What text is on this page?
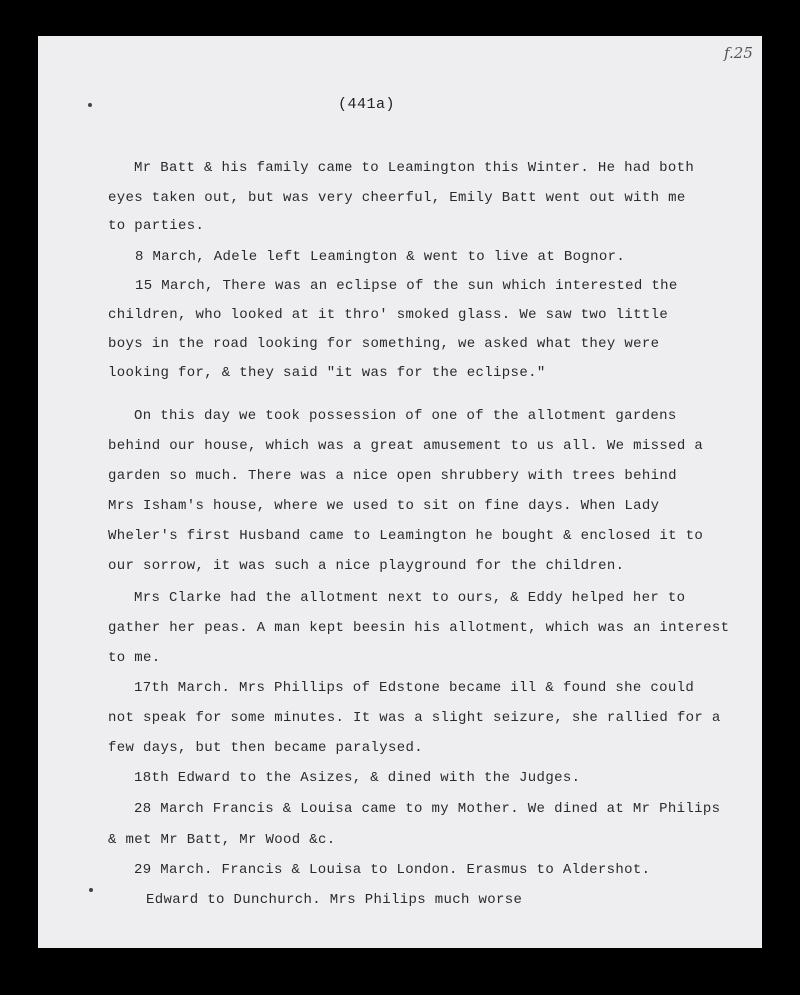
f.25
(441a)
Mr Batt & his family came to Leamington this Winter. He had both
eyes taken out, but was very cheerful, Emily Batt went out with me
to parties.
8 March, Adele left Leamington & went to live at Bognor.
15 March, There was an eclipse of the sun which interested the
children, who looked at it thro' smoked glass. We saw two little
boys in the road looking for something, we asked what they were
looking for, & they said "it was for the eclipse."
On this day we took possession of one of the allotment gardens
behind our house, which was a great amusement to us all. We missed a
garden so much. There was a nice open shrubbery with trees behind
Mrs Isham's house, where we used to sit on fine days. When Lady
Wheler's first Husband came to Leamington he bought & enclosed it to
our sorrow, it was such a nice playground for the children.
Mrs Clarke had the allotment next to ours, & Eddy helped her to
gather her peas. A man kept beesin his allotment, which was an interest
to me.
17th March. Mrs Phillips of Edstone became ill & found she could
not speak for some minutes. It was a slight seizure, she rallied for a
few days, but then became paralysed.
18th Edward to the Asizes, & dined with the Judges.
28 March Francis & Louisa came to my Mother. We dined at Mr Philips
& met Mr Batt, Mr Wood &c.
29 March. Francis & Louisa to London. Erasmus to Aldershot.
Edward to Dunchurch. Mrs Philips much worse
